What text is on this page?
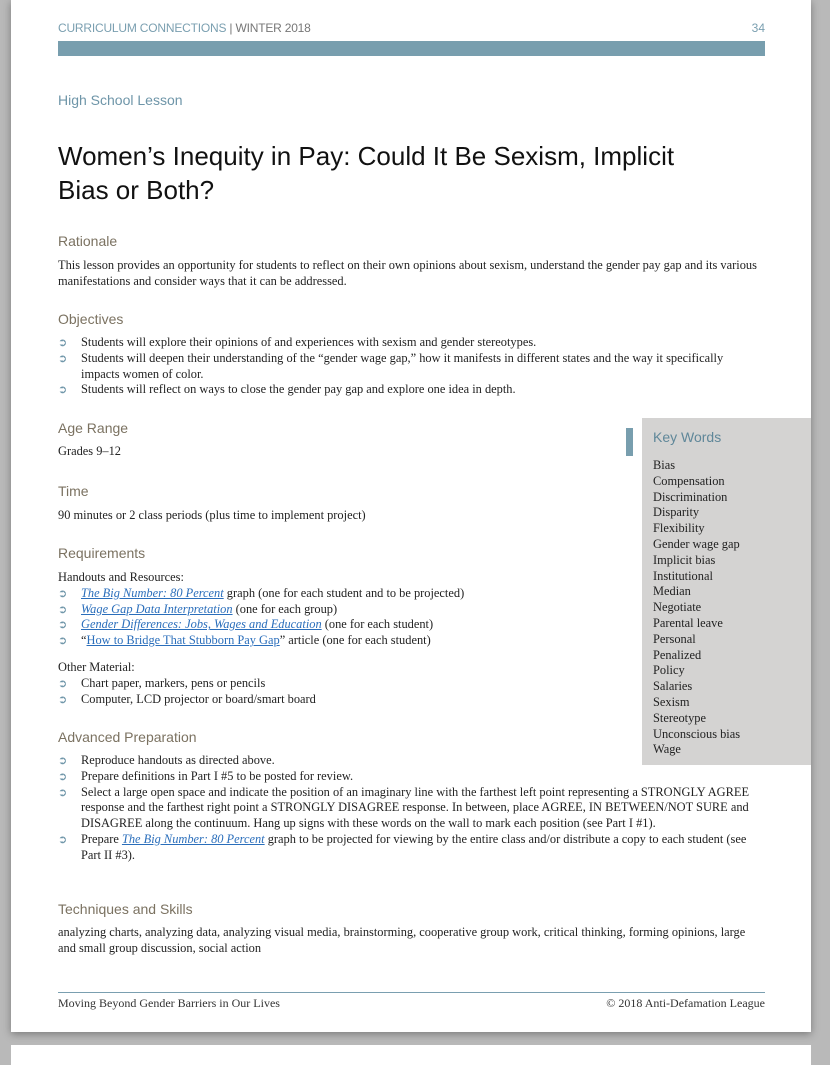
CURRICULUM CONNECTIONS | WINTER 2018	34
High School Lesson
Women’s Inequity in Pay: Could It Be Sexism, Implicit Bias or Both?
Rationale
This lesson provides an opportunity for students to reflect on their own opinions about sexism, understand the gender pay gap and its various manifestations and consider ways that it can be addressed.
Objectives
➲ Students will explore their opinions of and experiences with sexism and gender stereotypes.
➲ Students will deepen their understanding of the “gender wage gap,” how it manifests in different states and the way it specifically impacts women of color.
➲ Students will reflect on ways to close the gender pay gap and explore one idea in depth.
Age Range
Grades 9–12
Time
90 minutes or 2 class periods (plus time to implement project)
Requirements
Handouts and Resources:
➲ The Big Number: 80 Percent graph (one for each student and to be projected)
➲ Wage Gap Data Interpretation (one for each group)
➲ Gender Differences: Jobs, Wages and Education (one for each student)
➲ “How to Bridge That Stubborn Pay Gap” article (one for each student)
Other Material:
➲ Chart paper, markers, pens or pencils
➲ Computer, LCD projector or board/smart board
Advanced Preparation
➲ Reproduce handouts as directed above.
➲ Prepare definitions in Part I #5 to be posted for review.
➲ Select a large open space and indicate the position of an imaginary line with the farthest left point representing a STRONGLY AGREE response and the farthest right point a STRONGLY DISAGREE response. In between, place AGREE, IN BETWEEN/NOT SURE and DISAGREE along the continuum. Hang up signs with these words on the wall to mark each position (see Part I #1).
➲ Prepare The Big Number: 80 Percent graph to be projected for viewing by the entire class and/or distribute a copy to each student (see Part II #3).
Techniques and Skills
analyzing charts, analyzing data, analyzing visual media, brainstorming, cooperative group work, critical thinking, forming opinions, large and small group discussion, social action
Key Words
Bias
Compensation
Discrimination
Disparity
Flexibility
Gender wage gap
Implicit bias
Institutional
Median
Negotiate
Parental leave
Personal
Penalized
Policy
Salaries
Sexism
Stereotype
Unconscious bias
Wage
Moving Beyond Gender Barriers in Our Lives	© 2018 Anti-Defamation League
